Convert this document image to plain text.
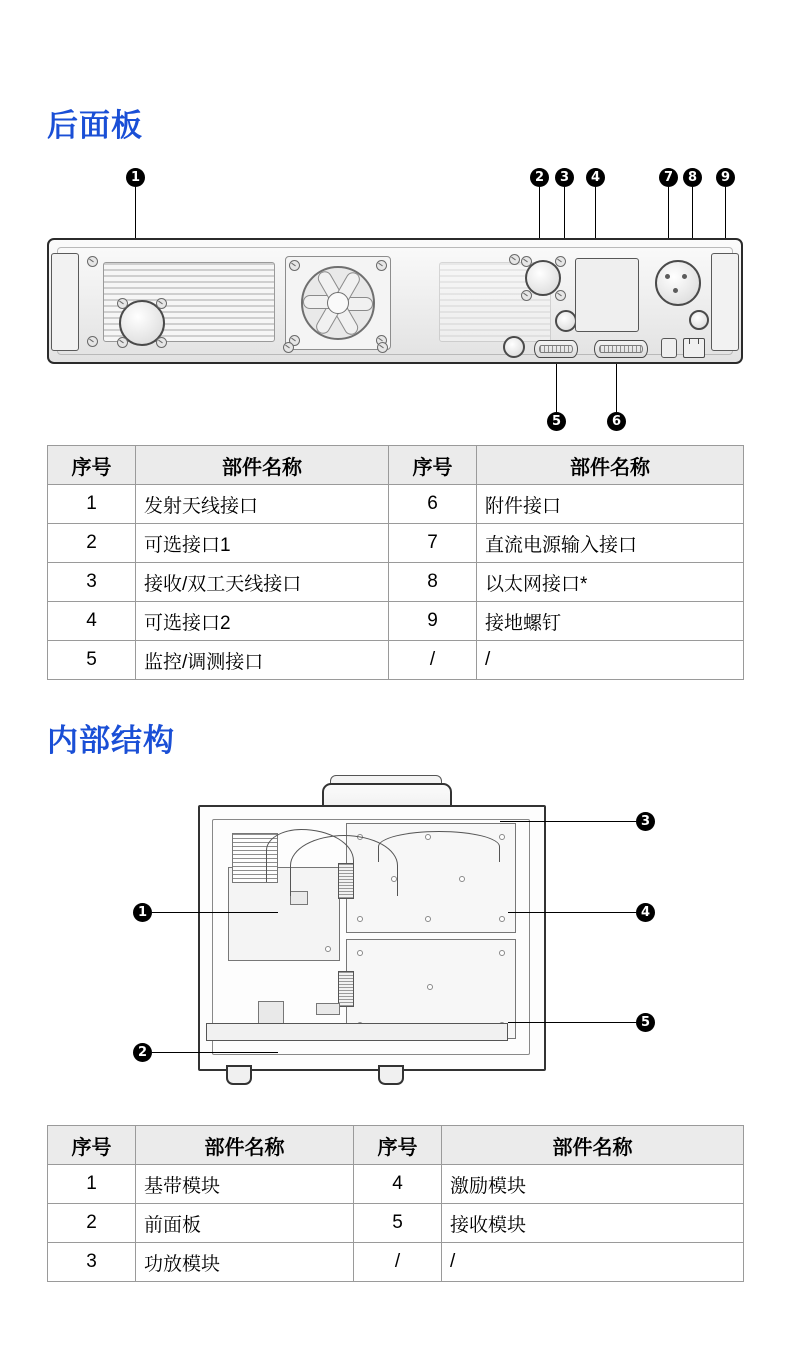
后面板
1	2	3	4	7	8	9
5	6
序号	部件名称	序号	部件名称
1	发射天线接口	6	附件接口
2	可选接口1	7	直流电源输入接口
3	接收/双工天线接口	8	以太网接口*
4	可选接口2	9	接地螺钉
5	监控/调测接口	/	/
内部结构
3
4
5
1
2
序号	部件名称	序号	部件名称
1	基带模块	4	激励模块
2	前面板	5	接收模块
3	功放模块	/	/
